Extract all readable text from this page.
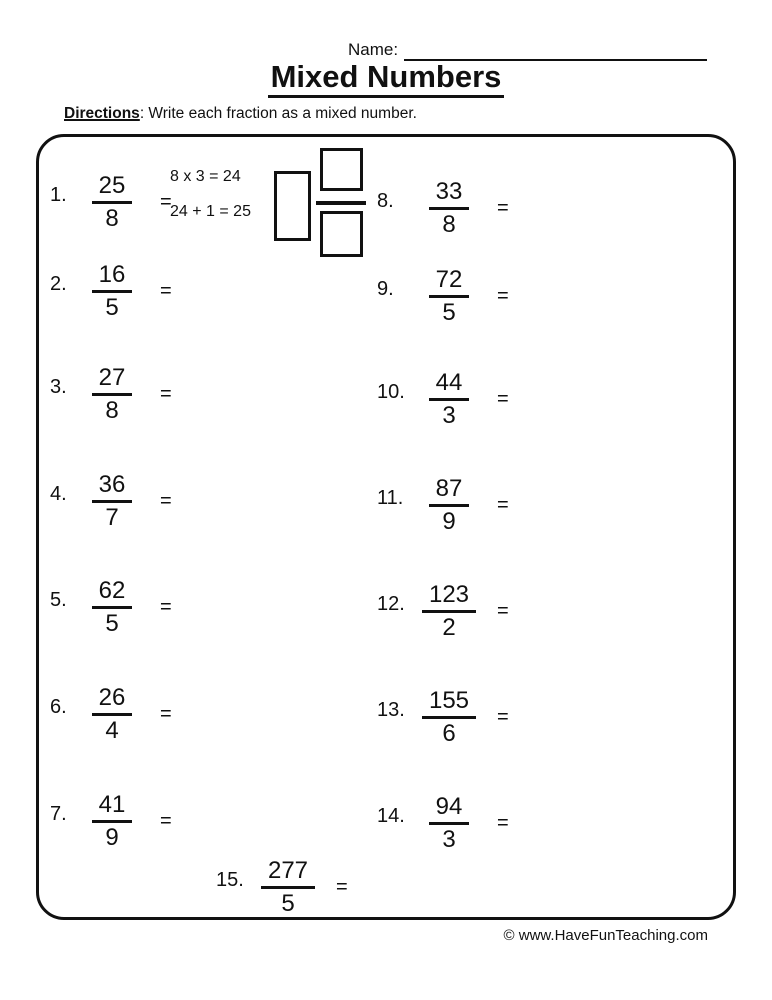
Name:
Mixed Numbers
Directions: Write each fraction as a mixed number.
1.	$\frac{25}{8}$ =
8 x 3 = 24
24 + 1 = 25
2.	$\frac{16}{5}$ =
3.	$\frac{27}{8}$ =
4.	$\frac{36}{7}$ =
5.	$\frac{62}{5}$ =
6.	$\frac{26}{4}$ =
7.	$\frac{41}{9}$ =
8.	$\frac{33}{8}$ =
9.	$\frac{72}{5}$ =
10. $\frac{44}{3}$ =
11.	$\frac{87}{9}$ =
12. $\frac{123}{2}$ =
13. $\frac{155}{6}$ =
14. $\frac{94}{3}$ =
15. $\frac{277}{5}$ =
© www.HaveFunTeaching.com
